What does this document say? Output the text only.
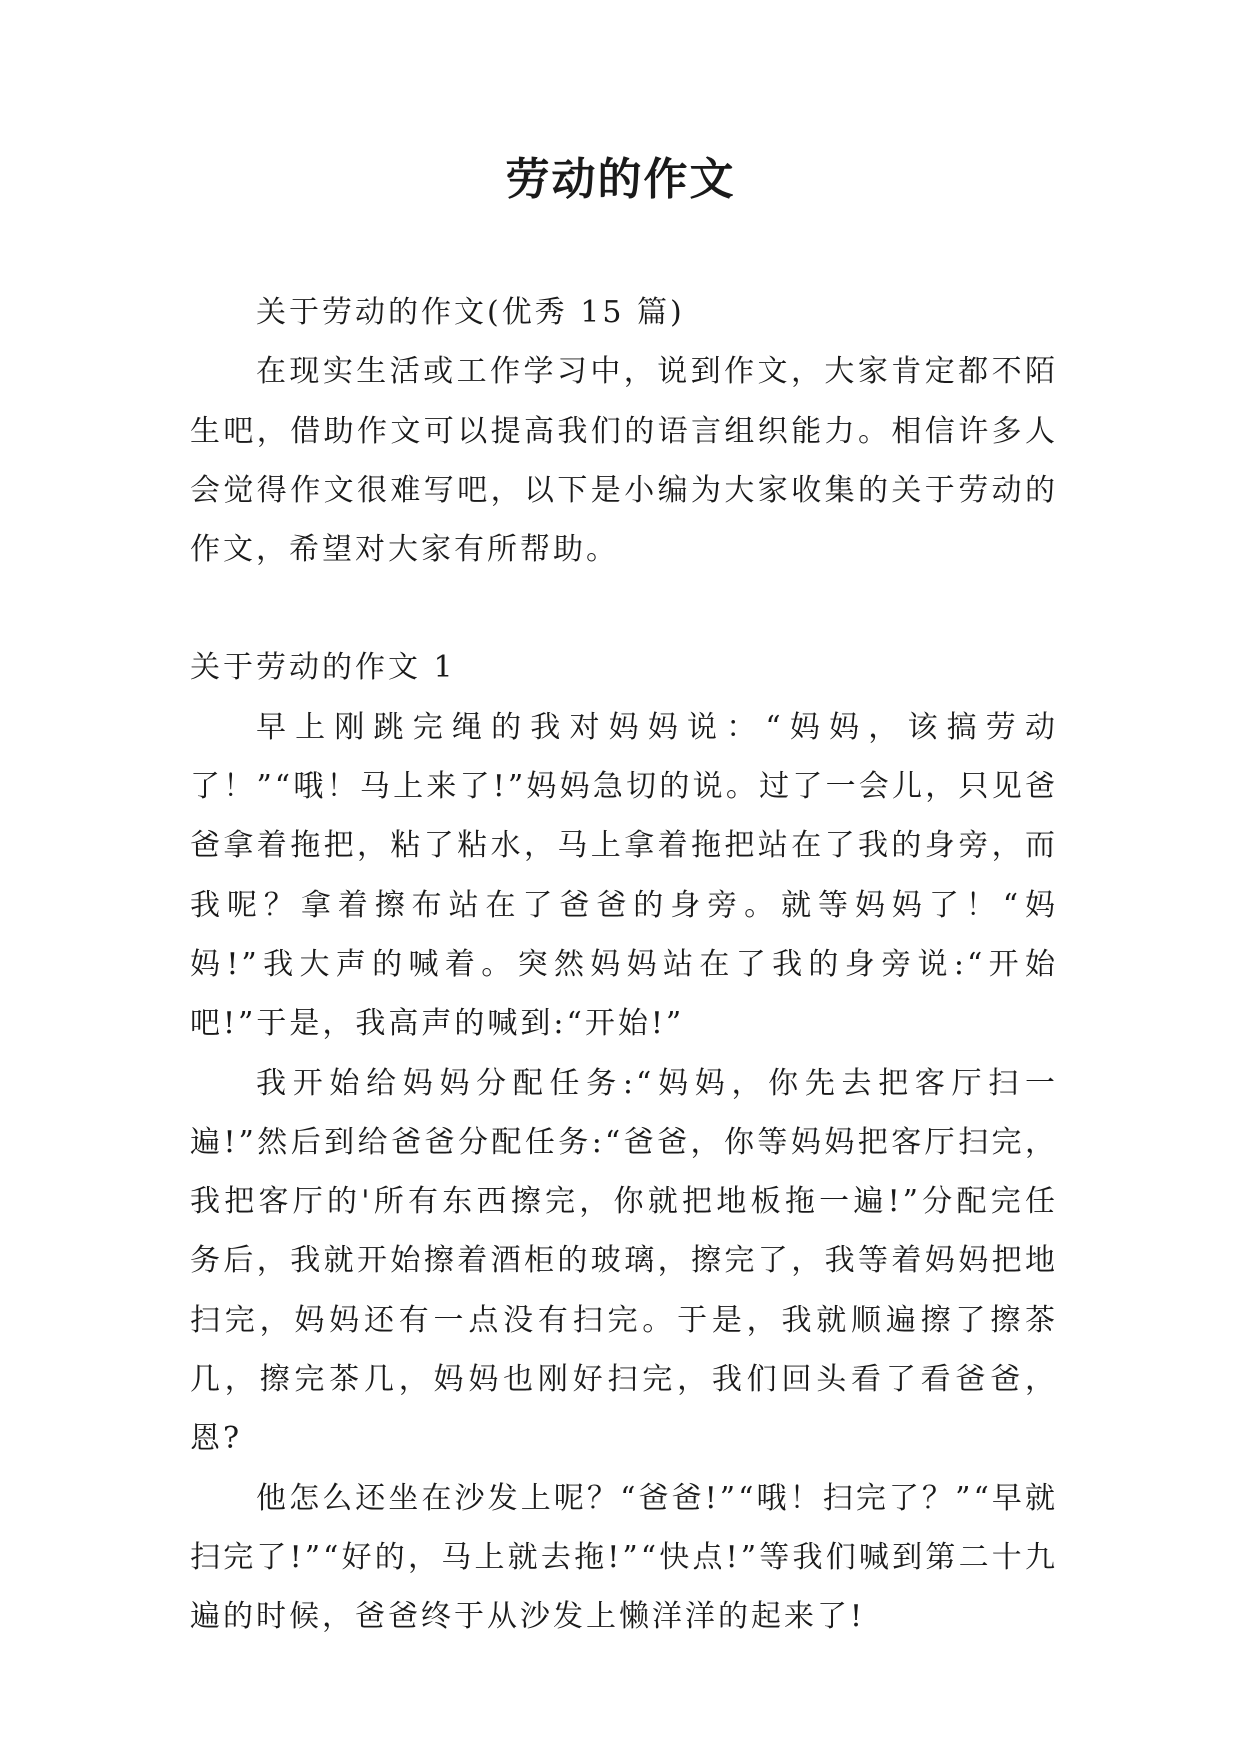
劳动的作文

关于劳动的作文(优秀 15 篇)

在现实生活或工作学习中，说到作文，大家肯定都不陌生吧，借助作文可以提高我们的语言组织能力。相信许多人会觉得作文很难写吧，以下是小编为大家收集的关于劳动的作文，希望对大家有所帮助。

关于劳动的作文 1

早上刚跳完绳的我对妈妈说：“妈妈，该搞劳动了！”“哦！马上来了!”妈妈急切的说。过了一会儿，只见爸爸拿着拖把，粘了粘水，马上拿着拖把站在了我的身旁，而我呢？拿着擦布站在了爸爸的身旁。就等妈妈了！“妈妈!”我大声的喊着。突然妈妈站在了我的身旁说:“开始吧!”于是，我高声的喊到:“开始!”

我开始给妈妈分配任务:“妈妈，你先去把客厅扫一遍!”然后到给爸爸分配任务:“爸爸，你等妈妈把客厅扫完，我把客厅的'所有东西擦完，你就把地板拖一遍!”分配完任务后，我就开始擦着酒柜的玻璃，擦完了，我等着妈妈把地扫完，妈妈还有一点没有扫完。于是，我就顺遍擦了擦茶几，擦完茶几，妈妈也刚好扫完，我们回头看了看爸爸，恩?

他怎么还坐在沙发上呢？“爸爸!”“哦！扫完了？”“早就扫完了!”“好的，马上就去拖!”“快点!”等我们喊到第二十九遍的时候，爸爸终于从沙发上懒洋洋的起来了!
